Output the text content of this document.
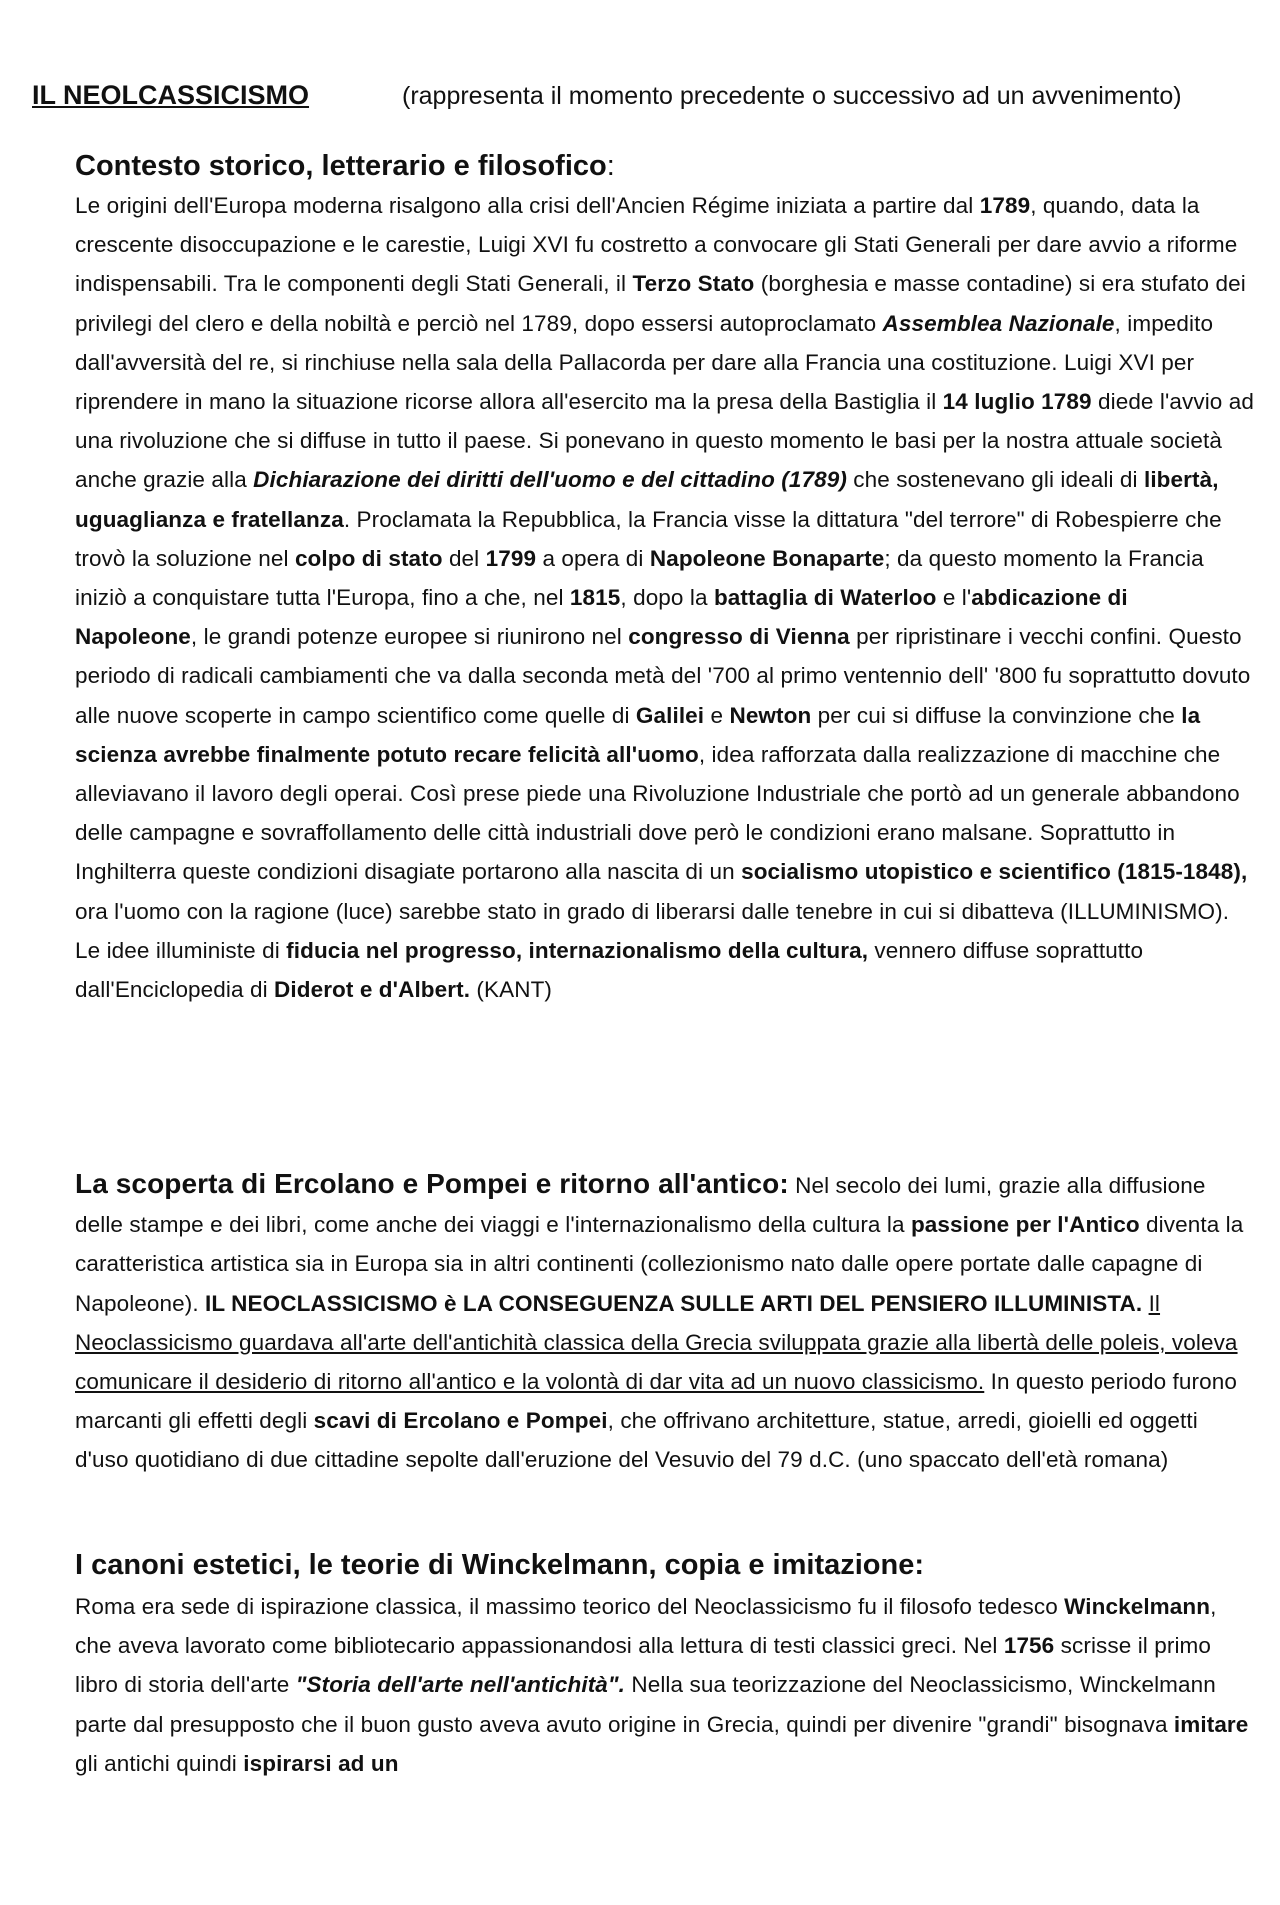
IL NEOLCASSICISMO	(rappresenta il momento precedente o successivo ad un avvenimento)
Contesto storico, letterario e filosofico:
Le origini dell'Europa moderna risalgono alla crisi dell'Ancien Régime iniziata a partire dal 1789, quando, data la crescente disoccupazione e le carestie, Luigi XVI fu costretto a convocare gli Stati Generali per dare avvio a riforme indispensabili. Tra le componenti degli Stati Generali, il Terzo Stato (borghesia e masse contadine) si era stufato dei privilegi del clero e della nobiltà e perciò nel 1789, dopo essersi autoproclamato Assemblea Nazionale, impedito dall'avversità del re, si rinchiuse nella sala della Pallacorda per dare alla Francia una costituzione. Luigi XVI per riprendere in mano la situazione ricorse allora all'esercito ma la presa della Bastiglia il 14 luglio 1789 diede l'avvio ad una rivoluzione che si diffuse in tutto il paese. Si ponevano in questo momento le basi per la nostra attuale società anche grazie alla Dichiarazione dei diritti dell'uomo e del cittadino (1789) che sostenevano gli ideali di libertà, uguaglianza e fratellanza. Proclamata la Repubblica, la Francia visse la dittatura "del terrore" di Robespierre che trovò la soluzione nel colpo di stato del 1799 a opera di Napoleone Bonaparte; da questo momento la Francia iniziò a conquistare tutta l'Europa, fino a che, nel 1815, dopo la battaglia di Waterloo e l'abdicazione di Napoleone, le grandi potenze europee si riunirono nel congresso di Vienna per ripristinare i vecchi confini. Questo periodo di radicali cambiamenti che va dalla seconda metà del '700 al primo ventennio dell' '800 fu soprattutto dovuto alle nuove scoperte in campo scientifico come quelle di Galilei e Newton per cui si diffuse la convinzione che la scienza avrebbe finalmente potuto recare felicità all'uomo, idea rafforzata dalla realizzazione di macchine che alleviavano il lavoro degli operai. Così prese piede una Rivoluzione Industriale che portò ad un generale abbandono delle campagne e sovraffollamento delle città industriali dove però le condizioni erano malsane. Soprattutto in Inghilterra queste condizioni disagiate portarono alla nascita di un socialismo utopistico e scientifico (1815-1848), ora l'uomo con la ragione (luce) sarebbe stato in grado di liberarsi dalle tenebre in cui si dibatteva (ILLUMINISMO). Le idee illuministe di fiducia nel progresso, internazionalismo della cultura, vennero diffuse soprattutto dall'Enciclopedia di Diderot e d'Albert. (KANT)
La scoperta di Ercolano e Pompei e ritorno all'antico: Nel secolo dei lumi, grazie alla diffusione delle stampe e dei libri, come anche dei viaggi e l'internazionalismo della cultura la passione per l'Antico diventa la caratteristica artistica sia in Europa sia in altri continenti (collezionismo nato dalle opere portate dalle capagne di Napoleone). IL NEOCLASSICISMO è LA CONSEGUENZA SULLE ARTI DEL PENSIERO ILLUMINISTA. Il Neoclassicismo guardava all'arte dell'antichità classica della Grecia sviluppata grazie alla libertà delle poleis, voleva comunicare il desiderio di ritorno all'antico e la volontà di dar vita ad un nuovo classicismo. In questo periodo furono marcanti gli effetti degli scavi di Ercolano e Pompei, che offrivano architetture, statue, arredi, gioielli ed oggetti d'uso quotidiano di due cittadine sepolte dall'eruzione del Vesuvio del 79 d.C. (uno spaccato dell'età romana)
I canoni estetici, le teorie di Winckelmann, copia e imitazione:
Roma era sede di ispirazione classica, il massimo teorico del Neoclassicismo fu il filosofo tedesco Winckelmann, che aveva lavorato come bibliotecario appassionandosi alla lettura di testi classici greci. Nel 1756 scrisse il primo libro di storia dell'arte "Storia dell'arte nell'antichità". Nella sua teorizzazione del Neoclassicismo, Winckelmann parte dal presupposto che il buon gusto aveva avuto origine in Grecia, quindi per divenire "grandi" bisognava imitare gli antichi quindi ispirarsi ad un
